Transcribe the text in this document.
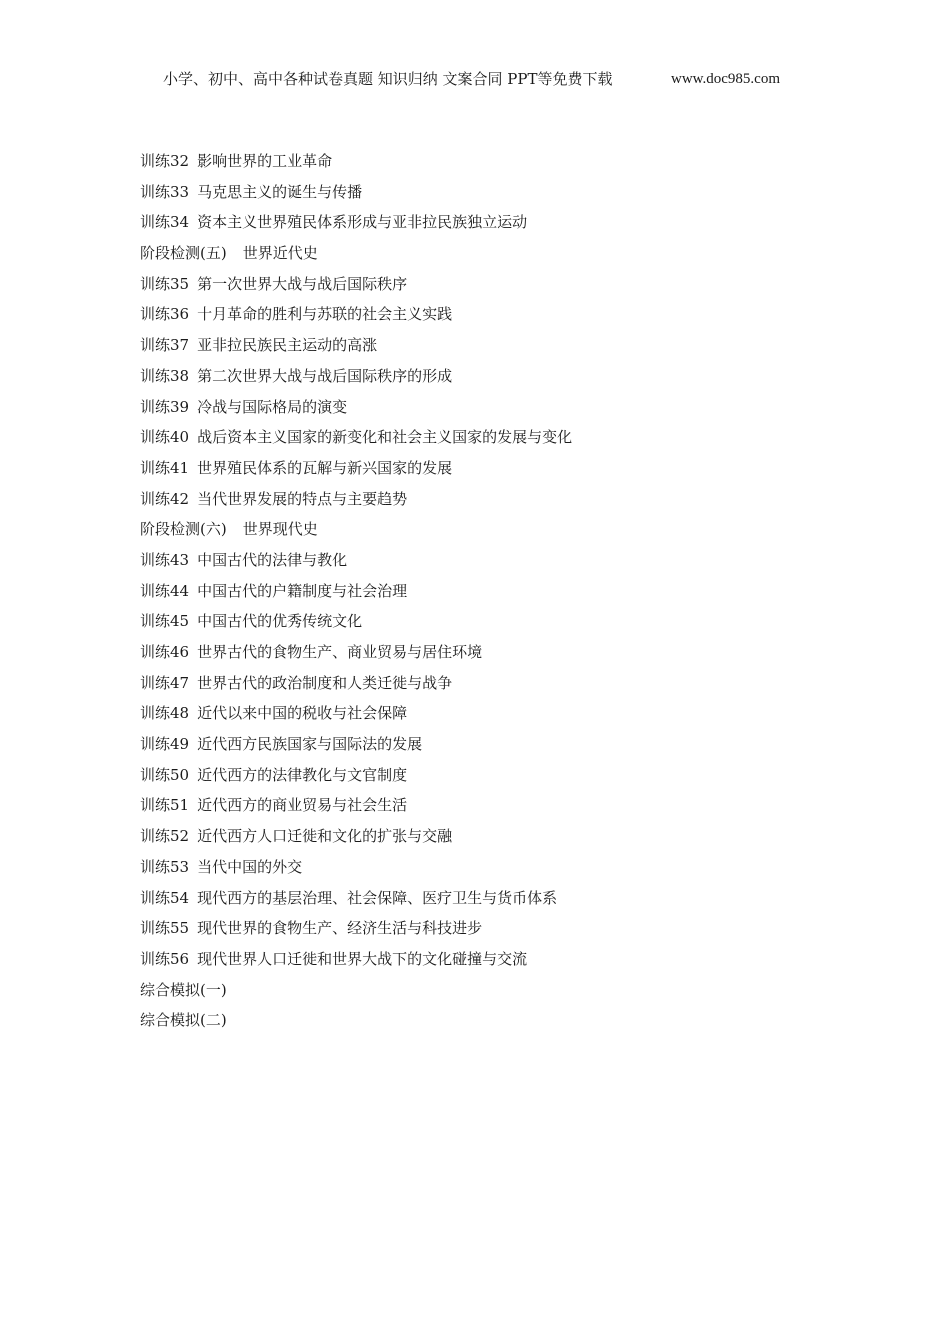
小学、初中、高中各种试卷真题 知识归纳 文案合同 PPT等免费下载	www.doc985.com
训练32 影响世界的工业革命
训练33 马克思主义的诞生与传播
训练34 资本主义世界殖民体系形成与亚非拉民族独立运动
阶段检测(五) 世界近代史
训练35 第一次世界大战与战后国际秩序
训练36 十月革命的胜利与苏联的社会主义实践
训练37 亚非拉民族民主运动的高涨
训练38 第二次世界大战与战后国际秩序的形成
训练39 冷战与国际格局的演变
训练40 战后资本主义国家的新变化和社会主义国家的发展与变化
训练41 世界殖民体系的瓦解与新兴国家的发展
训练42 当代世界发展的特点与主要趋势
阶段检测(六) 世界现代史
训练43 中国古代的法律与教化
训练44 中国古代的户籍制度与社会治理
训练45 中国古代的优秀传统文化
训练46 世界古代的食物生产、商业贸易与居住环境
训练47 世界古代的政治制度和人类迁徙与战争
训练48 近代以来中国的税收与社会保障
训练49 近代西方民族国家与国际法的发展
训练50 近代西方的法律教化与文官制度
训练51 近代西方的商业贸易与社会生活
训练52 近代西方人口迁徙和文化的扩张与交融
训练53 当代中国的外交
训练54 现代西方的基层治理、社会保障、医疗卫生与货币体系
训练55 现代世界的食物生产、经济生活与科技进步
训练56 现代世界人口迁徙和世界大战下的文化碰撞与交流
综合模拟(一)
综合模拟(二)
